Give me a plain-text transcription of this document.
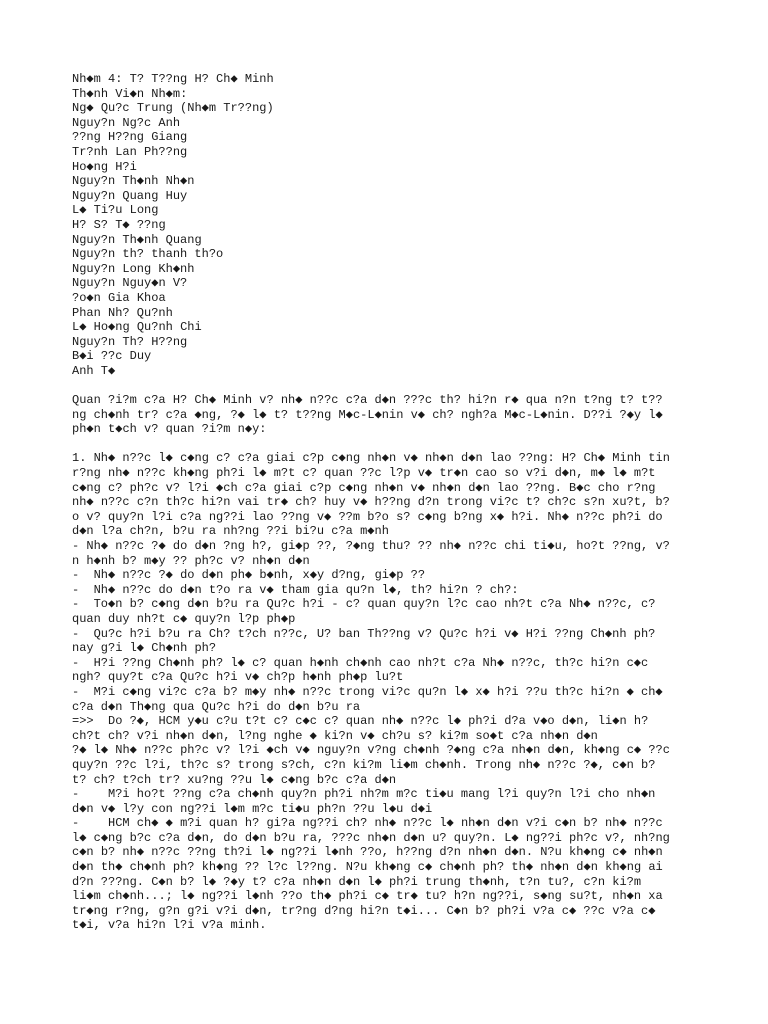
Nh◆m 4: T? T??ng H? Ch◆ Minh
Th◆nh Vi◆n Nh◆m:
Ng◆ Qu?c Trung (Nh◆m Tr??ng)
Nguy?n Ng?c Anh
??ng H??ng Giang
Tr?nh Lan Ph??ng
Ho◆ng H?i
Nguy?n Th◆nh Nh◆n
Nguy?n Quang Huy
L◆ Ti?u Long
H? S? T◆ ??ng
Nguy?n Th◆nh Quang
Nguy?n th? thanh th?o
Nguy?n Long Kh◆nh
Nguy?n Nguy◆n V?
?o◆n Gia Khoa
Phan Nh? Qu?nh
L◆ Ho◆ng Qu?nh Chi
Nguy?n Th? H??ng
B◆i ??c Duy
Anh T◆
Quan ?i?m c?a H? Ch◆ Minh v? nh◆ n??c c?a d◆n ???c th? hi?n r◆ qua n?n t?ng t? t??
ng ch◆nh tr? c?a ◆ng, ?◆ l◆ t? t??ng M◆c-L◆nin v◆ ch? ngh?a M◆c-L◆nin. D??i ?◆y l◆
ph◆n t◆ch v? quan ?i?m n◆y:
1. Nh◆ n??c l◆ c◆ng c? c?a giai c?p c◆ng nh◆n v◆ nh◆n d◆n lao ??ng: H? Ch◆ Minh tin
r?ng nh◆ n??c kh◆ng ph?i l◆ m?t c? quan ??c l?p v◆ tr◆n cao so v?i d◆n, m◆ l◆ m?t
c◆ng c? ph?c v? l?i ◆ch c?a giai c?p c◆ng nh◆n v◆ nh◆n d◆n lao ??ng. B◆c cho r?ng
nh◆ n??c c?n th?c hi?n vai tr◆ ch? huy v◆ h??ng d?n trong vi?c t? ch?c s?n xu?t, b?
o v? quy?n l?i c?a ng??i lao ??ng v◆ ??m b?o s? c◆ng b?ng x◆ h?i. Nh◆ n??c ph?i do
d◆n l?a ch?n, b?u ra nh?ng ??i bi?u c?a m◆nh
- Nh◆ n??c ?◆ do d◆n ?ng h?, gi◆p ??, ?◆ng thu? ?? nh◆ n??c chi ti◆u, ho?t ??ng, v?
n h◆nh b? m◆y ?? ph?c v? nh◆n d◆n
-  Nh◆ n??c ?◆ do d◆n ph◆ b◆nh, x◆y d?ng, gi◆p ??
-  Nh◆ n??c do d◆n t?o ra v◆ tham gia qu?n l◆, th? hi?n ? ch?:
-  To◆n b? c◆ng d◆n b?u ra Qu?c h?i - c? quan quy?n l?c cao nh?t c?a Nh◆ n??c, c?
quan duy nh?t c◆ quy?n l?p ph◆p
-  Qu?c h?i b?u ra Ch? t?ch n??c, U? ban Th??ng v? Qu?c h?i v◆ H?i ??ng Ch◆nh ph?
nay g?i l◆ Ch◆nh ph?
-  H?i ??ng Ch◆nh ph? l◆ c? quan h◆nh ch◆nh cao nh?t c?a Nh◆ n??c, th?c hi?n c◆c
ngh? quy?t c?a Qu?c h?i v◆ ch?p h◆nh ph◆p lu?t
-  M?i c◆ng vi?c c?a b? m◆y nh◆ n??c trong vi?c qu?n l◆ x◆ h?i ??u th?c hi?n ◆ ch◆
c?a d◆n Th◆ng qua Qu?c h?i do d◆n b?u ra
=>>  Do ?◆, HCM y◆u c?u t?t c? c◆c c? quan nh◆ n??c l◆ ph?i d?a v◆o d◆n, li◆n h?
ch?t ch? v?i nh◆n d◆n, l?ng nghe ◆ ki?n v◆ ch?u s? ki?m so◆t c?a nh◆n d◆n
?◆ l◆ Nh◆ n??c ph?c v? l?i ◆ch v◆ nguy?n v?ng ch◆nh ?◆ng c?a nh◆n d◆n, kh◆ng c◆ ??c
quy?n ??c l?i, th?c s? trong s?ch, c?n ki?m li◆m ch◆nh. Trong nh◆ n??c ?◆, c◆n b?
t? ch? t?ch tr? xu?ng ??u l◆ c◆ng b?c c?a d◆n
-    M?i ho?t ??ng c?a ch◆nh quy?n ph?i nh?m m?c ti◆u mang l?i quy?n l?i cho nh◆n
d◆n v◆ l?y con ng??i l◆m m?c ti◆u ph?n ??u l◆u d◆i
-    HCM ch◆ ◆ m?i quan h? gi?a ng??i ch? nh◆ n??c l◆ nh◆n d◆n v?i c◆n b? nh◆ n??c
l◆ c◆ng b?c c?a d◆n, do d◆n b?u ra, ???c nh◆n d◆n u? quy?n. L◆ ng??i ph?c v?, nh?ng
c◆n b? nh◆ n??c ??ng th?i l◆ ng??i l◆nh ??o, h??ng d?n nh◆n d◆n. N?u kh◆ng c◆ nh◆n
d◆n th◆ ch◆nh ph? kh◆ng ?? l?c l??ng. N?u kh◆ng c◆ ch◆nh ph? th◆ nh◆n d◆n kh◆ng ai
d?n ???ng. C◆n b? l◆ ?◆y t? c?a nh◆n d◆n l◆ ph?i trung th◆nh, t?n tu?, c?n ki?m
li◆m ch◆nh...; l◆ ng??i l◆nh ??o th◆ ph?i c◆ tr◆ tu? h?n ng??i, s◆ng su?t, nh◆n xa
tr◆ng r?ng, g?n g?i v?i d◆n, tr?ng d?ng hi?n t◆i... C◆n b? ph?i v?a c◆ ??c v?a c◆
t◆i, v?a hi?n l?i v?a minh.
